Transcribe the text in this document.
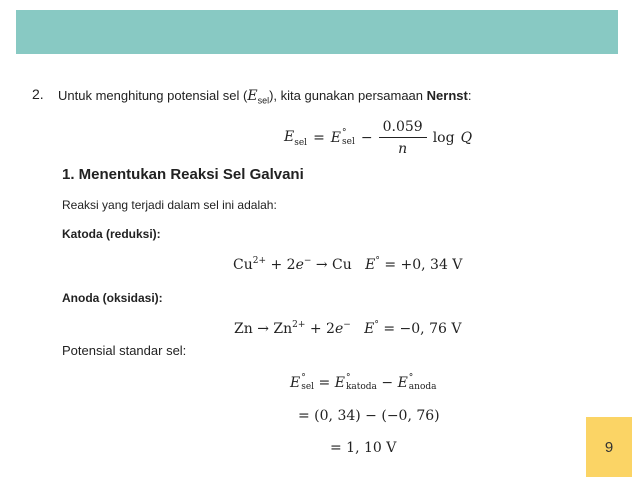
2. Untuk menghitung potensial sel $(E_{sel})$, kita gunakan persamaan Nernst:
$E_{sel} = E$ °
sel − $\frac{0.059}{n}$ log Q
1. Menentukan Reaksi Sel Galvani
Reaksi yang terjadi dalam sel ini adalah:
Katoda (reduksi):
$Cu^{2+} + 2e^- \to Cu$ E° = +0, 34 V
Anoda (oksidasi):
$Zn \to Zn^{2+} + 2e^-$ E° = −0, 76 V
Potensial standar sel:
E °
sel = E °
katoda − E °
anoda
= (0, 34) − (−0, 76)
= 1, 10 V	9
